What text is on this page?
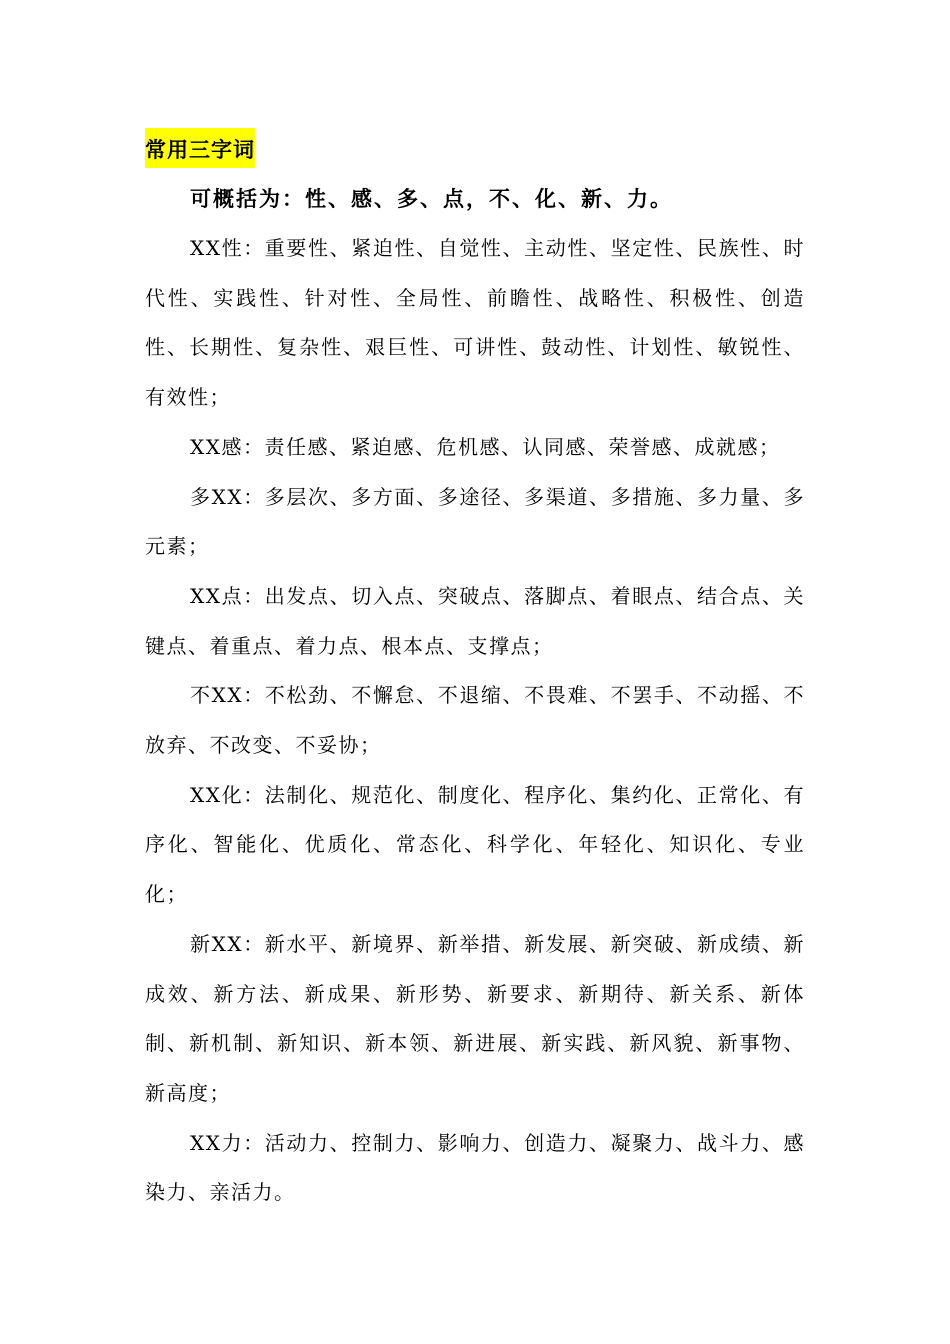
常用三字词

可概括为：性、感、多、点，不、化、新、力。

XX性：重要性、紧迫性、自觉性、主动性、坚定性、民族性、时代性、实践性、针对性、全局性、前瞻性、战略性、积极性、创造性、长期性、复杂性、艰巨性、可讲性、鼓动性、计划性、敏锐性、有效性；

XX感：责任感、紧迫感、危机感、认同感、荣誉感、成就感；

多XX：多层次、多方面、多途径、多渠道、多措施、多力量、多元素；

XX点：出发点、切入点、突破点、落脚点、着眼点、结合点、关键点、着重点、着力点、根本点、支撑点；

不XX：不松劲、不懈怠、不退缩、不畏难、不罢手、不动摇、不放弃、不改变、不妥协；

XX化：法制化、规范化、制度化、程序化、集约化、正常化、有序化、智能化、优质化、常态化、科学化、年轻化、知识化、专业化；

新XX：新水平、新境界、新举措、新发展、新突破、新成绩、新成效、新方法、新成果、新形势、新要求、新期待、新关系、新体制、新机制、新知识、新本领、新进展、新实践、新风貌、新事物、新高度；

XX力：活动力、控制力、影响力、创造力、凝聚力、战斗力、感染力、亲活力。
